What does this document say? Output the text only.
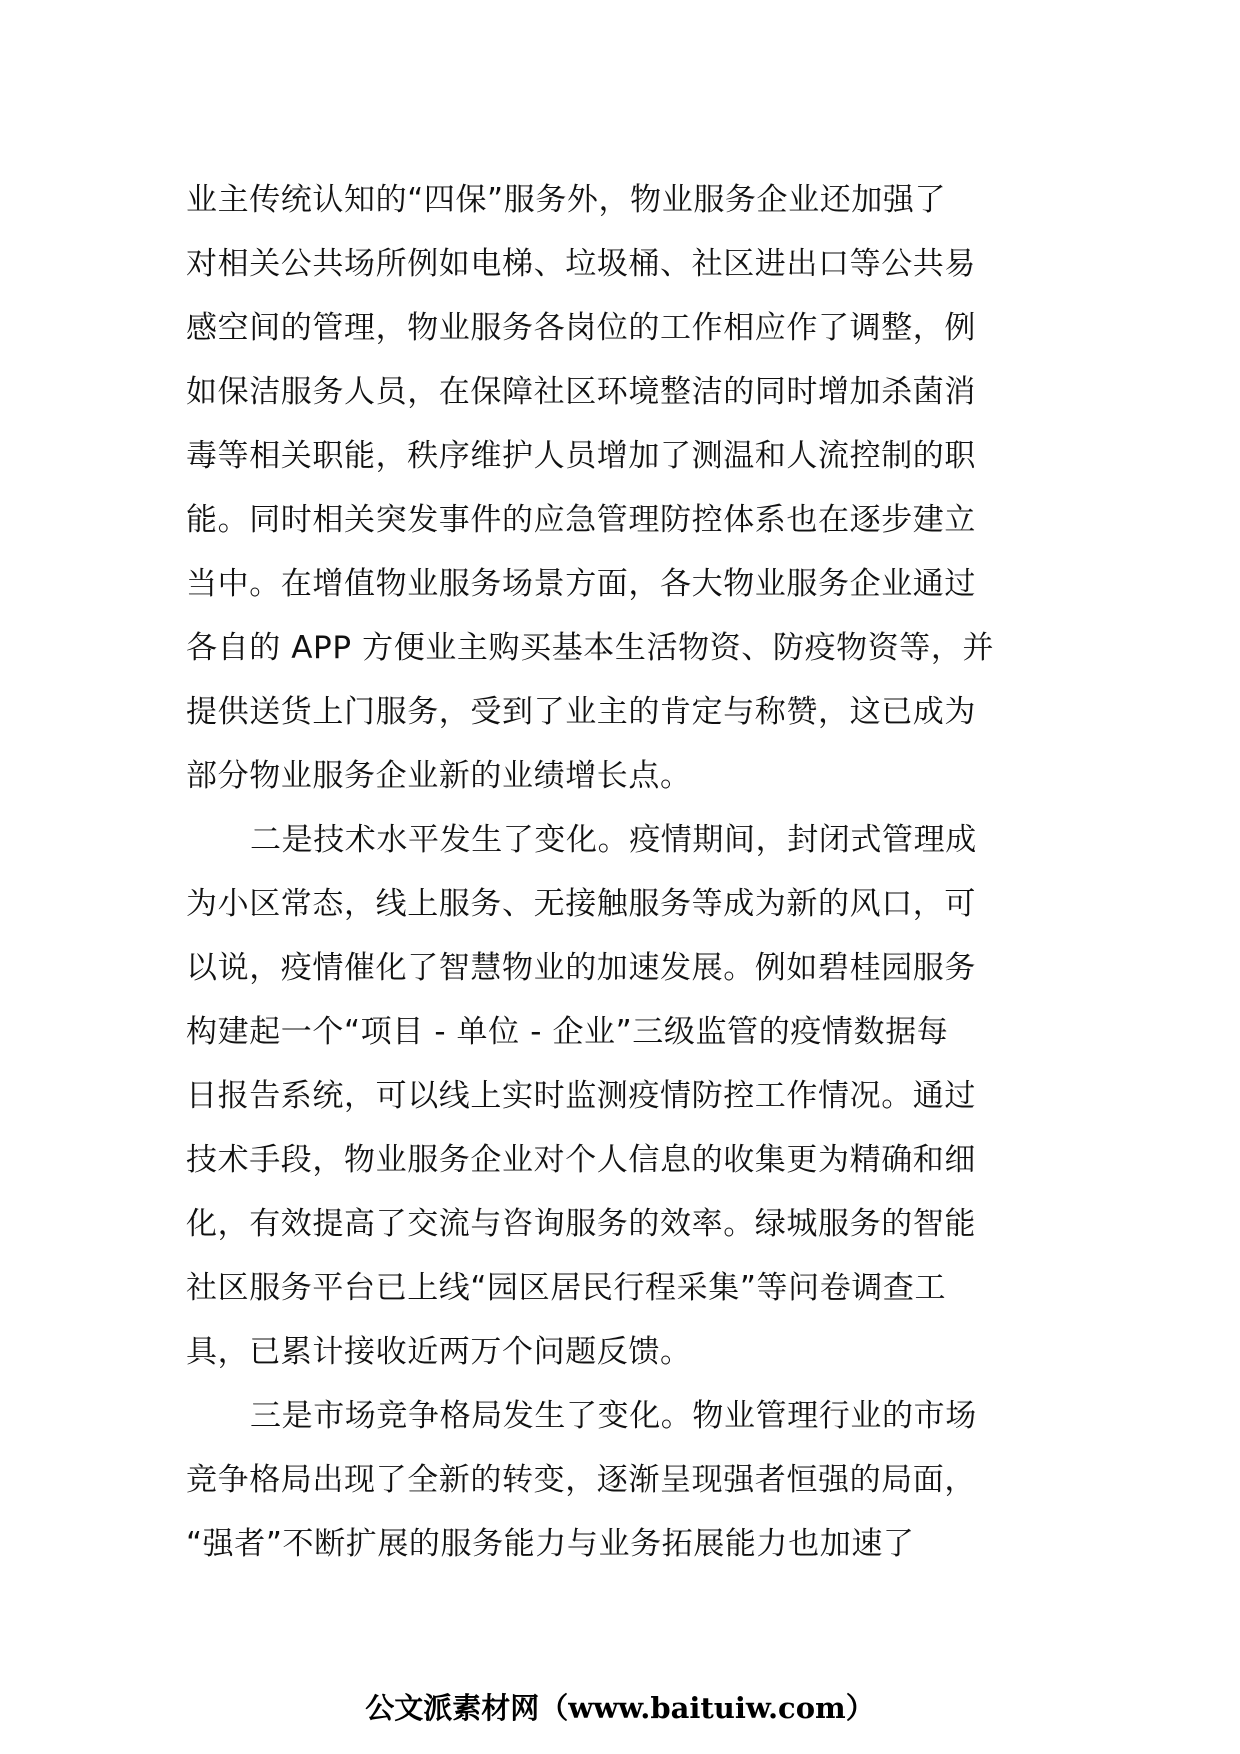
业主传统认知的“四保”服务外，物业服务企业还加强了
对相关公共场所例如电梯、垃圾桶、社区进出口等公共易
感空间的管理，物业服务各岗位的工作相应作了调整，例
如保洁服务人员，在保障社区环境整洁的同时增加杀菌消
毒等相关职能，秩序维护人员增加了测温和人流控制的职
能。同时相关突发事件的应急管理防控体系也在逐步建立
当中。在增值物业服务场景方面，各大物业服务企业通过
各自的 APP 方便业主购买基本生活物资、防疫物资等，并
提供送货上门服务，受到了业主的肯定与称赞，这已成为
部分物业服务企业新的业绩增长点。
二是技术水平发生了变化。疫情期间，封闭式管理成
为小区常态，线上服务、无接触服务等成为新的风口，可
以说，疫情催化了智慧物业的加速发展。例如碧桂园服务
构建起一个“项目 - 单位 - 企业”三级监管的疫情数据每
日报告系统，可以线上实时监测疫情防控工作情况。通过
技术手段，物业服务企业对个人信息的收集更为精确和细
化，有效提高了交流与咨询服务的效率。绿城服务的智能
社区服务平台已上线“园区居民行程采集”等问卷调查工
具，已累计接收近两万个问题反馈。
三是市场竞争格局发生了变化。物业管理行业的市场
竞争格局出现了全新的转变，逐渐呈现强者恒强的局面，
“强者”不断扩展的服务能力与业务拓展能力也加速了
公文派素材网（www.baituiw.com）
